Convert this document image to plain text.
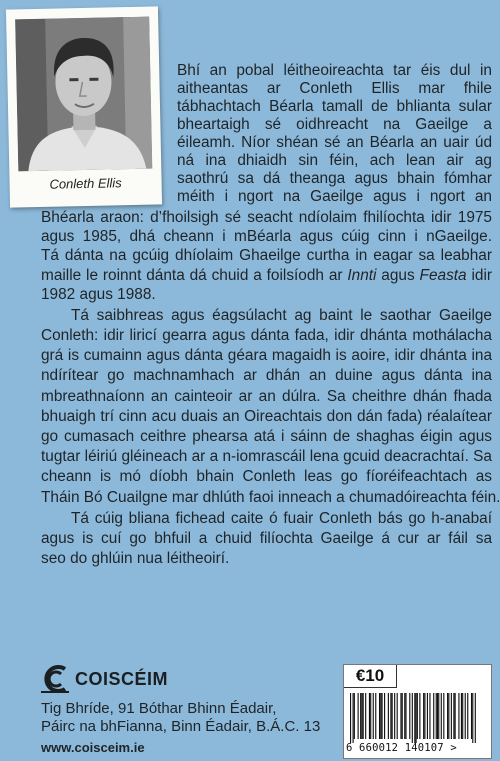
Conleth Ellis
Bhí an pobal léitheoireachta tar éis dul in
aitheantas ar Conleth Ellis mar fhile
tábhachtach Béarla tamall de bhlianta sular
bheartaigh sé oidhreacht na Gaeilge a
éileamh. Níor shéan sé an Béarla an uair úd
ná ina dhiaidh sin féin, ach lean air ag
saothrú sa dá theanga agus bhain fómhar
méith i ngort na Gaeilge agus i ngort an
Bhéarla araon: d’fhoilsigh sé seacht ndíolaim fhilíochta idir 1975
agus 1985, dhá cheann i mBéarla agus cúig cinn i nGaeilge.
Tá dánta na gcúig dhíolaim Ghaeilge curtha in eagar sa leabhar
maille le roinnt dánta dá chuid a foilsíodh ar Innti agus Feasta idir
1982 agus 1988.
Tá saibhreas agus éagsúlacht ag baint le saothar Gaeilge
Conleth: idir liricí gearra agus dánta fada, idir dhánta mothálacha
grá is cumainn agus dánta géara magaidh is aoire, idir dhánta ina
ndírítear go machnamhach ar dhán an duine agus dánta ina
mbreathnaíonn an cainteoir ar an dúlra. Sa cheithre dhán fhada
bhuaigh trí cinn acu duais an Oireachtais don dán fada) réalaítear
go cumasach ceithre phearsa atá i sáinn de shaghas éigin agus
tugtar léiriú gléineach ar a n-iomrascáil lena gcuid deacrachtaí. Sa
cheann is mó díobh bhain Conleth leas go fíoréifeachtach as
Tháin Bó Cuailgne mar dhlúth faoi inneach a chumadóireachta féin.
Tá cúig bliana fichead caite ó fuair Conleth bás go h-anabaí
agus is cuí go bhfuil a chuid filíochta Gaeilge á cur ar fáil sa
seo do ghlúin nua léitheoirí.
COISCÉIM
Tig Bhríde, 91 Bóthar Bhinn Éadair,
Páirc na bhFianna, Binn Éadair, B.Á.C. 13
www.coisceim.ie
€10
6 660012 140107 >
